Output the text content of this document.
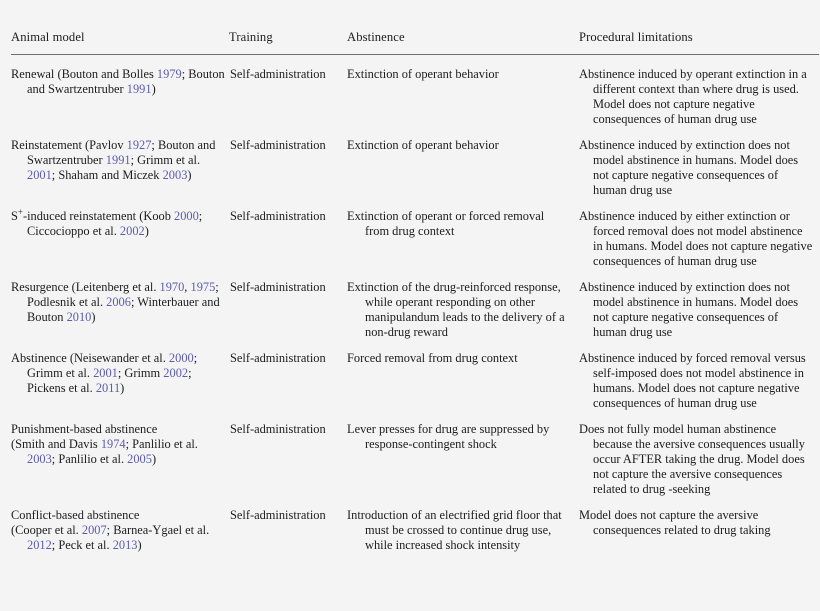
Animal model	Training	Abstinence	Procedural limitations

Renewal (Bouton and Bolles 1979; Bouton and Swartzentruber 1991)	Self-administration	Extinction of operant behavior	Abstinence induced by operant extinction in a different context than where drug is used. Model does not capture negative consequences of human drug use

Reinstatement (Pavlov 1927; Bouton and Swartzentruber 1991; Grimm et al. 2001; Shaham and Miczek 2003)	Self-administration	Extinction of operant behavior	Abstinence induced by extinction does not model abstinence in humans. Model does not capture negative consequences of human drug use

S+-induced reinstatement (Koob 2000; Ciccocioppo et al. 2002)	Self-administration	Extinction of operant or forced removal from drug context	Abstinence induced by either extinction or forced removal does not model abstinence in humans. Model does not capture negative consequences of human drug use

Resurgence (Leitenberg et al. 1970, 1975; Podlesnik et al. 2006; Winterbauer and Bouton 2010)	Self-administration	Extinction of the drug-reinforced response, while operant responding on other manipulandum leads to the delivery of a non-drug reward	Abstinence induced by extinction does not model abstinence in humans. Model does not capture negative consequences of human drug use

Abstinence (Neisewander et al. 2000; Grimm et al. 2001; Grimm 2002; Pickens et al. 2011)	Self-administration	Forced removal from drug context	Abstinence induced by forced removal versus self-imposed does not model abstinence in humans. Model does not capture negative consequences of human drug use

Punishment-based abstinence
(Smith and Davis 1974; Panlilio et al. 2003; Panlilio et al. 2005)	Self-administration	Lever presses for drug are suppressed by response-contingent shock	Does not fully model human abstinence because the aversive consequences usually occur AFTER taking the drug. Model does not capture the aversive consequences related to drug -seeking

Conflict-based abstinence
(Cooper et al. 2007; Barnea-Ygael et al. 2012; Peck et al. 2013)	Self-administration	Introduction of an electrified grid floor that must be crossed to continue drug use, while increased shock intensity	Model does not capture the aversive consequences related to drug taking
